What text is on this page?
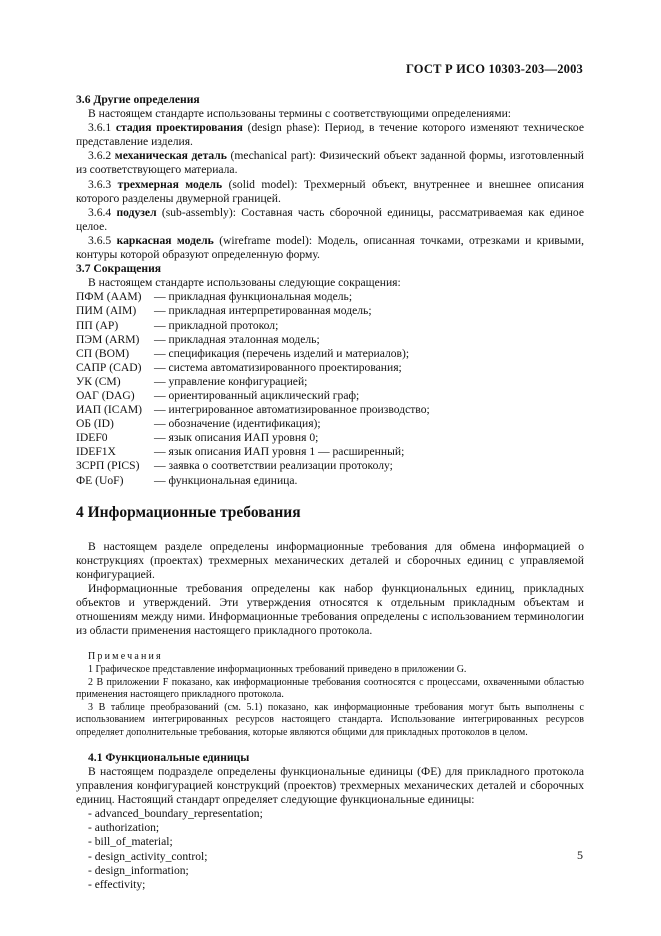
ГОСТ Р ИСО 10303-203—2003
3.6 Другие определения
В настоящем стандарте использованы термины с соответствующими определениями:
3.6.1 стадия проектирования (design phase): Период, в течение которого изменяют техническое представление изделия.
3.6.2 механическая деталь (mechanical part): Физический объект заданной формы, изготовленный из соответствующего материала.
3.6.3 трехмерная модель (solid model): Трехмерный объект, внутреннее и внешнее описания которого разделены двумерной границей.
3.6.4 подузел (sub-assembly): Составная часть сборочной единицы, рассматриваемая как единое целое.
3.6.5 каркасная модель (wireframe model): Модель, описанная точками, отрезками и кривыми, контуры которой образуют определенную форму.
3.7 Сокращения
В настоящем стандарте использованы следующие сокращения:
ПФМ (AAM)	— прикладная функциональная модель;
ПИМ (AIM)	— прикладная интерпретированная модель;
ПП (AP)	— прикладной протокол;
ПЭМ (ARM)	— прикладная эталонная модель;
СП (BOM)	— спецификация (перечень изделий и материалов);
САПР (CAD)	— система автоматизированного проектирования;
УК (CM)	— управление конфигурацией;
ОАГ (DAG)	— ориентированный ациклический граф;
ИАП (ICAM)	— интегрированное автоматизированное производство;
ОБ (ID)	— обозначение (идентификация);
IDEF0	— язык описания ИАП уровня 0;
IDEF1X	— язык описания ИАП уровня 1 — расширенный;
ЗСРП (PICS)	— заявка о соответствии реализации протоколу;
ФЕ (UoF)	— функциональная единица.
4 Информационные требования
В настоящем разделе определены информационные требования для обмена информацией о конструкциях (проектах) трехмерных механических деталей и сборочных единиц с управляемой конфигурацией.
Информационные требования определены как набор функциональных единиц, прикладных объектов и утверждений. Эти утверждения относятся к отдельным прикладным объектам и отношениям между ними. Информационные требования определены с использованием терминологии из области применения настоящего прикладного протокола.
Примечания
1 Графическое представление информационных требований приведено в приложении G.
2 В приложении F показано, как информационные требования соотносятся с процессами, охваченными областью применения настоящего прикладного протокола.
3 В таблице преобразований (см. 5.1) показано, как информационные требования могут быть выполнены с использованием интегрированных ресурсов настоящего стандарта. Использование интегрированных ресурсов определяет дополнительные требования, которые являются общими для прикладных протоколов в целом.
4.1 Функциональные единицы
В настоящем подразделе определены функциональные единицы (ФЕ) для прикладного протокола управления конфигурацией конструкций (проектов) трехмерных механических деталей и сборочных единиц. Настоящий стандарт определяет следующие функциональные единицы:
- advanced_boundary_representation;
- authorization;
- bill_of_material;
- design_activity_control;
- design_information;
- effectivity;
5
